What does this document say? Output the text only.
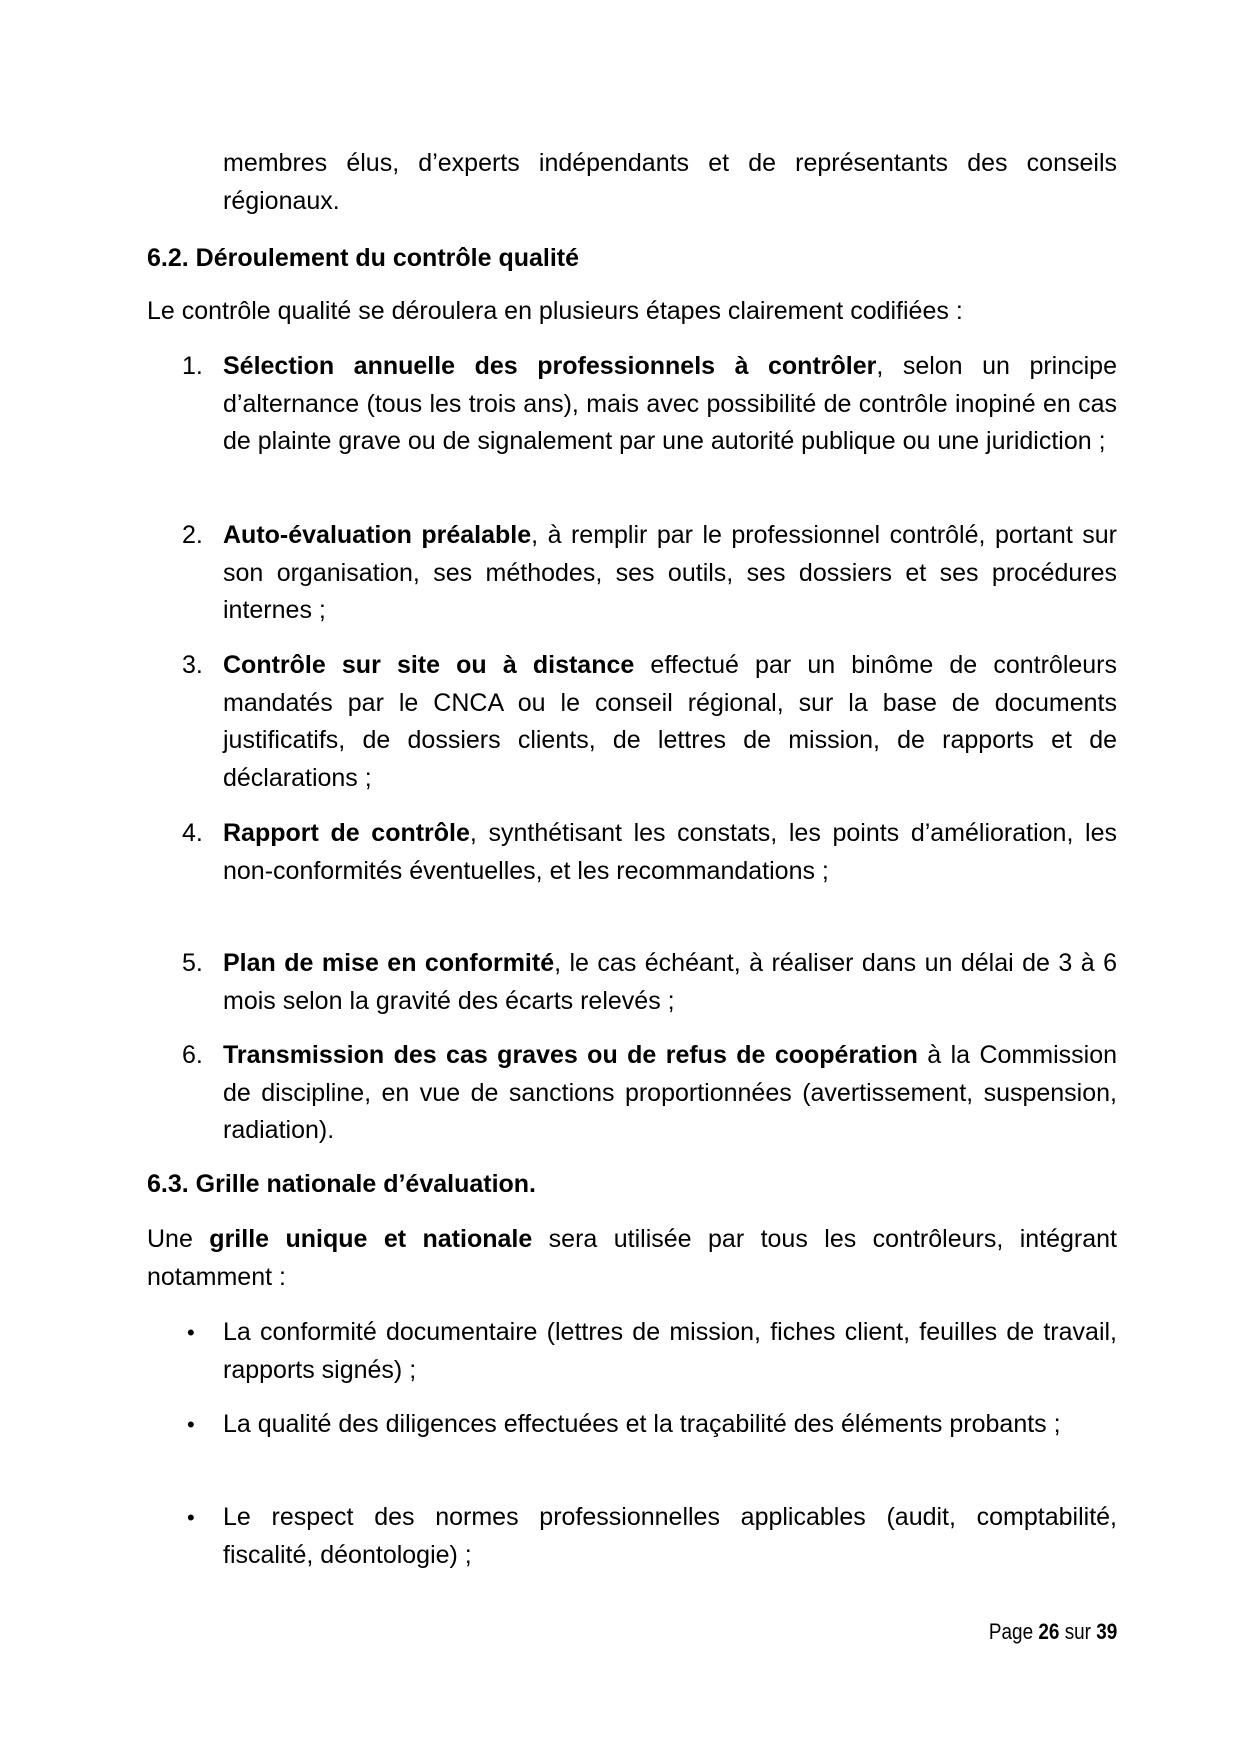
membres élus, d’experts indépendants et de représentants des conseils régionaux.

6.2. Déroulement du contrôle qualité

Le contrôle qualité se déroulera en plusieurs étapes clairement codifiées :

1. Sélection annuelle des professionnels à contrôler, selon un principe d’alternance (tous les trois ans), mais avec possibilité de contrôle inopiné en cas de plainte grave ou de signalement par une autorité publique ou une juridiction ;
2. Auto-évaluation préalable, à remplir par le professionnel contrôlé, portant sur son organisation, ses méthodes, ses outils, ses dossiers et ses procédures internes ;
3. Contrôle sur site ou à distance effectué par un binôme de contrôleurs mandatés par le CNCA ou le conseil régional, sur la base de documents justificatifs, de dossiers clients, de lettres de mission, de rapports et de déclarations ;
4. Rapport de contrôle, synthétisant les constats, les points d’amélioration, les non-conformités éventuelles, et les recommandations ;
5. Plan de mise en conformité, le cas échéant, à réaliser dans un délai de 3 à 6 mois selon la gravité des écarts relevés ;
6. Transmission des cas graves ou de refus de coopération à la Commission de discipline, en vue de sanctions proportionnées (avertissement, suspension, radiation).
6.3. Grille nationale d’évaluation.

Une grille unique et nationale sera utilisée par tous les contrôleurs, intégrant notamment :

•	La conformité documentaire (lettres de mission, fiches client, feuilles de travail, rapports signés) ;
•	La qualité des diligences effectuées et la traçabilité des éléments probants ;
•	Le respect des normes professionnelles applicables (audit, comptabilité, fiscalité, déontologie) ;
Page 26 sur 39
